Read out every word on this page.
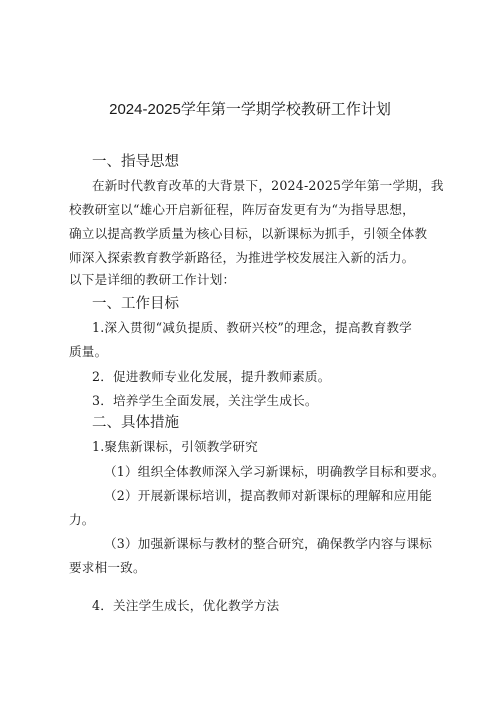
2024-2025学年第一学期学校教研工作计划
一、指导思想
在新时代教育改革的大背景下，2024-2025学年第一学期，我
校教研室以“雄心开启新征程，阵厉奋发更有为“为指导思想，
确立以提高教学质量为核心目标，以新课标为抓手，引领全体教
师深入探索教育教学新路径，为推进学校发展注入新的活力。
以下是详细的教研工作计划：
一、工作目标
1.深入贯彻“减负提质、教研兴校”的理念，提高教育教学
质量。
2．促进教师专业化发展，提升教师素质。
3．培养学生全面发展，关注学生成长。
二、具体措施
1.聚焦新课标，引领教学研究
（1）组织全体教师深入学习新课标，明确教学目标和要求。
（2）开展新课标培训，提高教师对新课标的理解和应用能
力。
（3）加强新课标与教材的整合研究，确保教学内容与课标
要求相一致。
4．关注学生成长，优化教学方法
